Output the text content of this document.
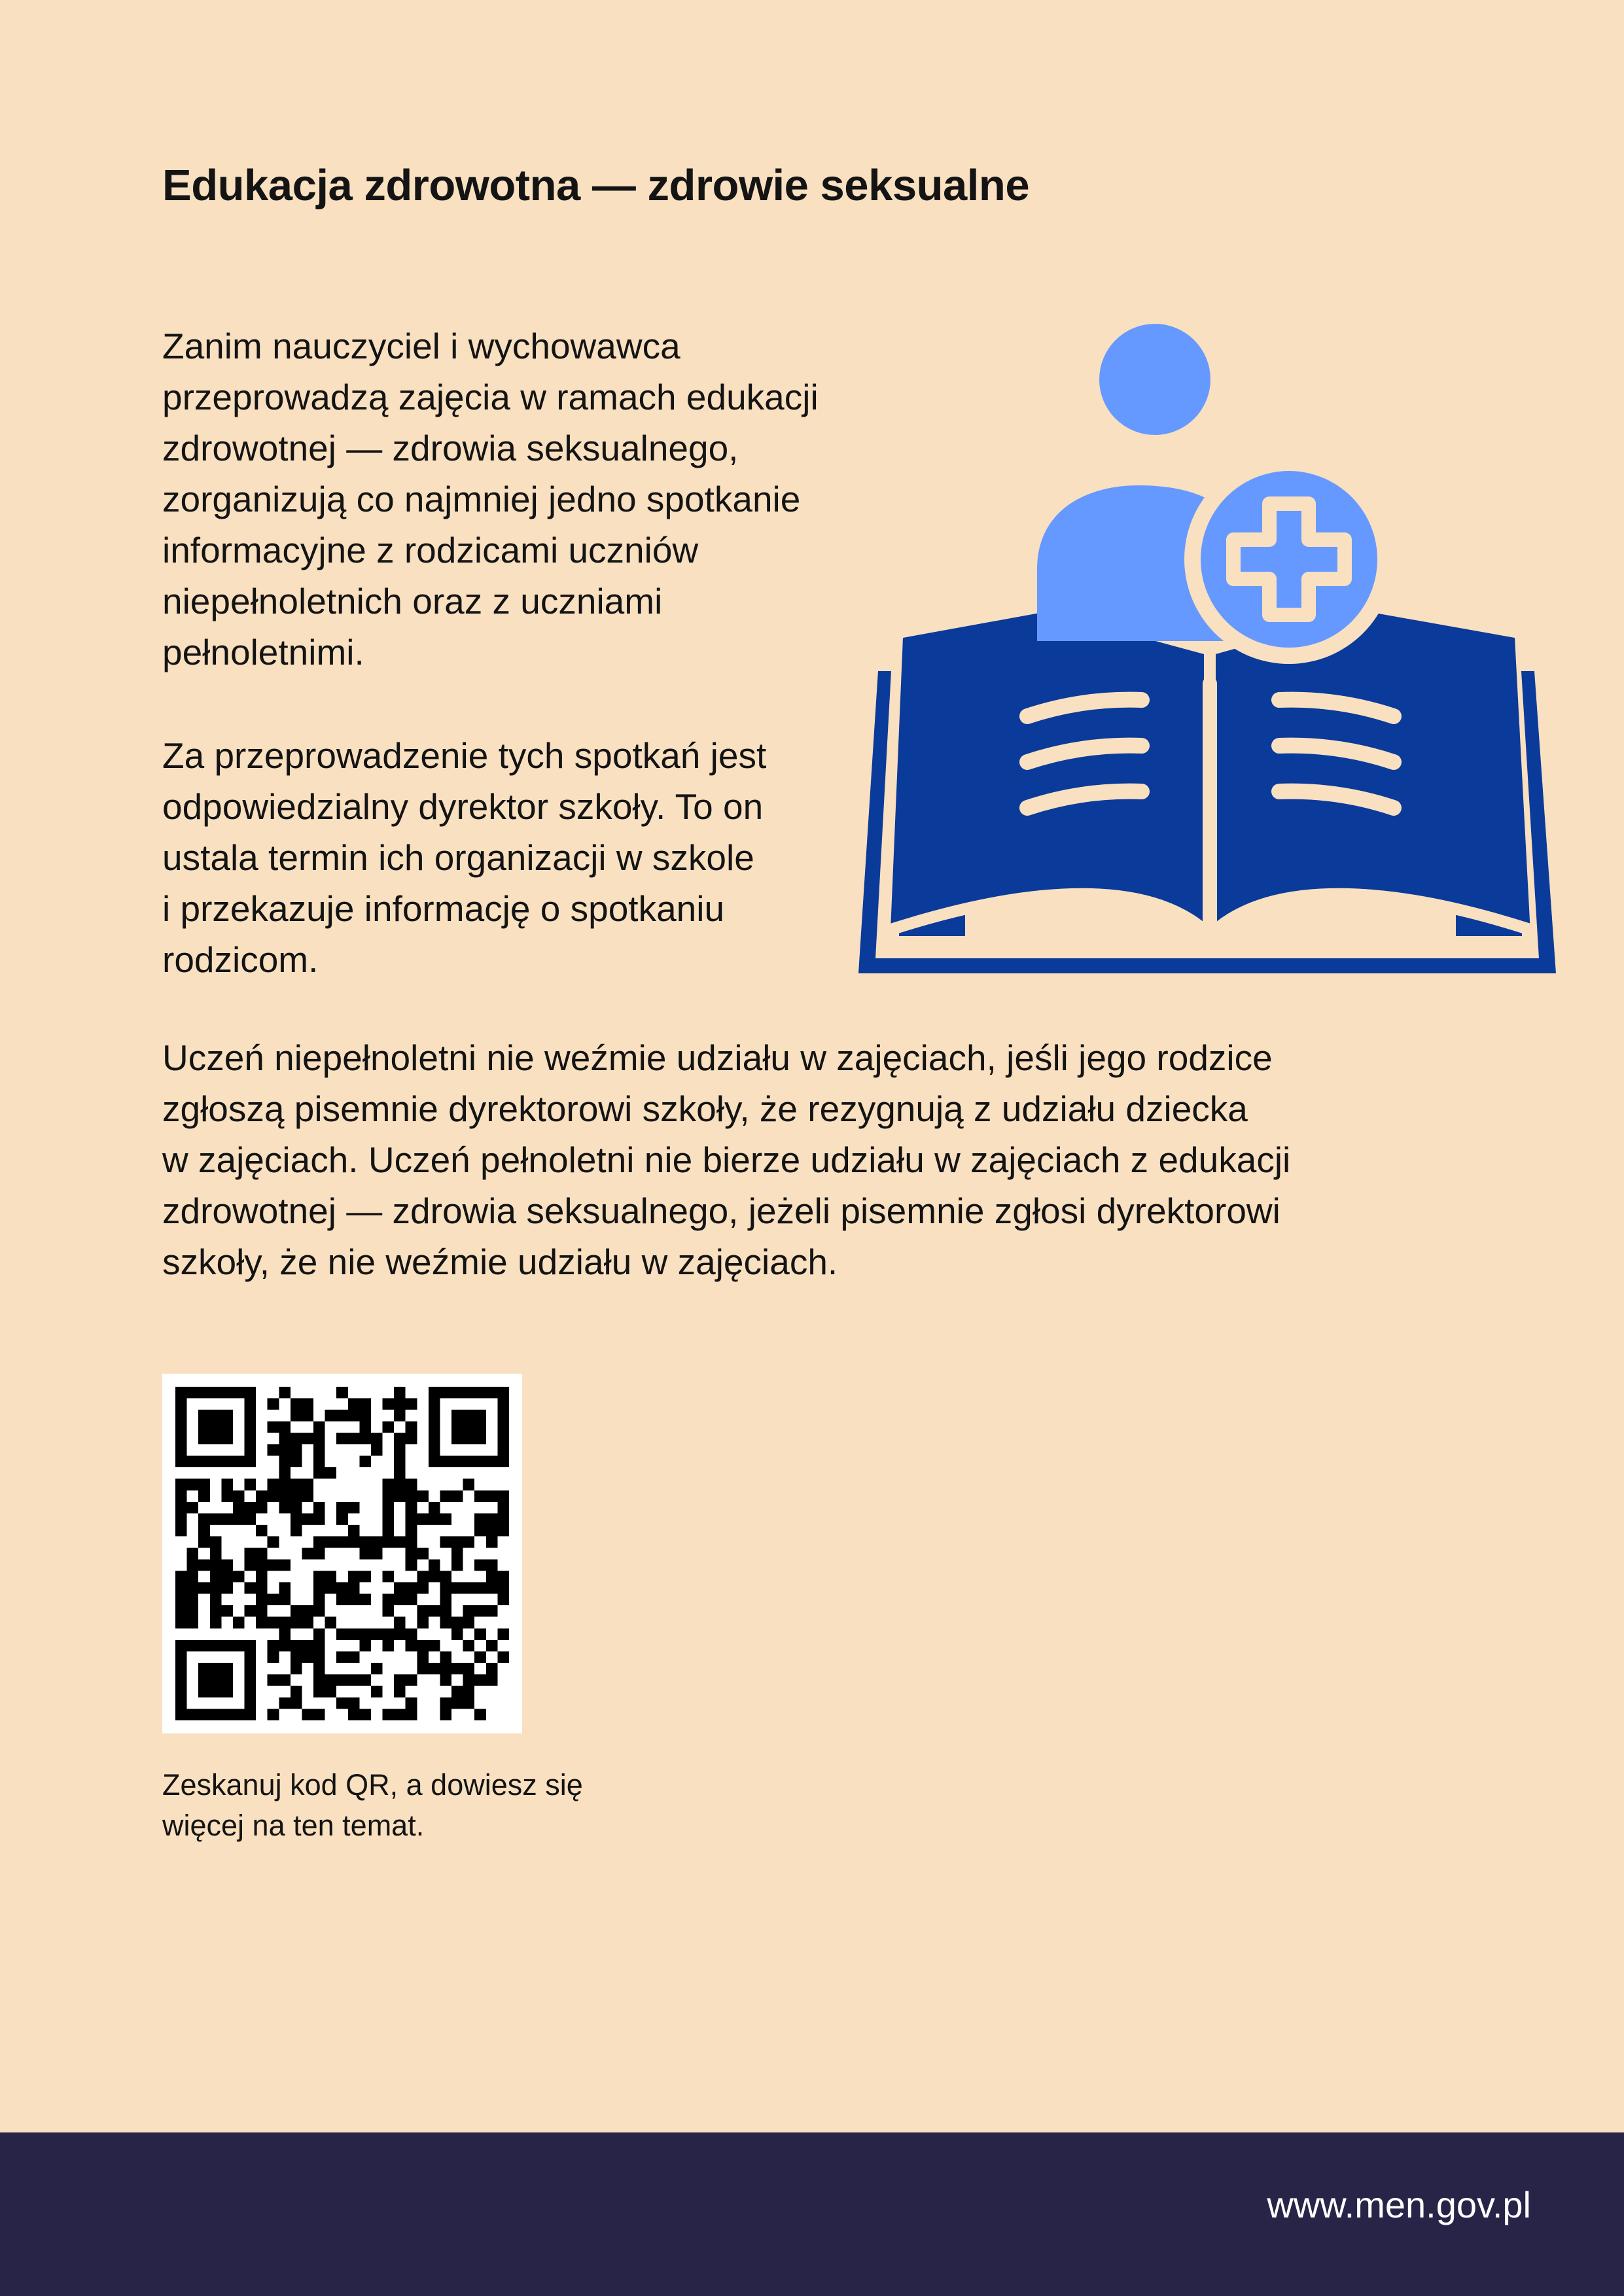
Edukacja zdrowotna — zdrowie seksualne

Zanim nauczyciel i wychowawca
przeprowadzą zajęcia w ramach edukacji
zdrowotnej — zdrowia seksualnego,
zorganizują co najmniej jedno spotkanie
informacyjne z rodzicami uczniów
niepełnoletnich oraz z uczniami
pełnoletnimi.

Za przeprowadzenie tych spotkań jest
odpowiedzialny dyrektor szkoły. To on
ustala termin ich organizacji w szkole
i przekazuje informację o spotkaniu
rodzicom.

Uczeń niepełnoletni nie weźmie udziału w zajęciach, jeśli jego rodzice
zgłoszą pisemnie dyrektorowi szkoły, że rezygnują z udziału dziecka
w zajęciach. Uczeń pełnoletni nie bierze udziału w zajęciach z edukacji
zdrowotnej — zdrowia seksualnego, jeżeli pisemnie zgłosi dyrektorowi
szkoły, że nie weźmie udziału w zajęciach.

Zeskanuj kod QR, a dowiesz się
więcej na ten temat.

www.men.gov.pl
